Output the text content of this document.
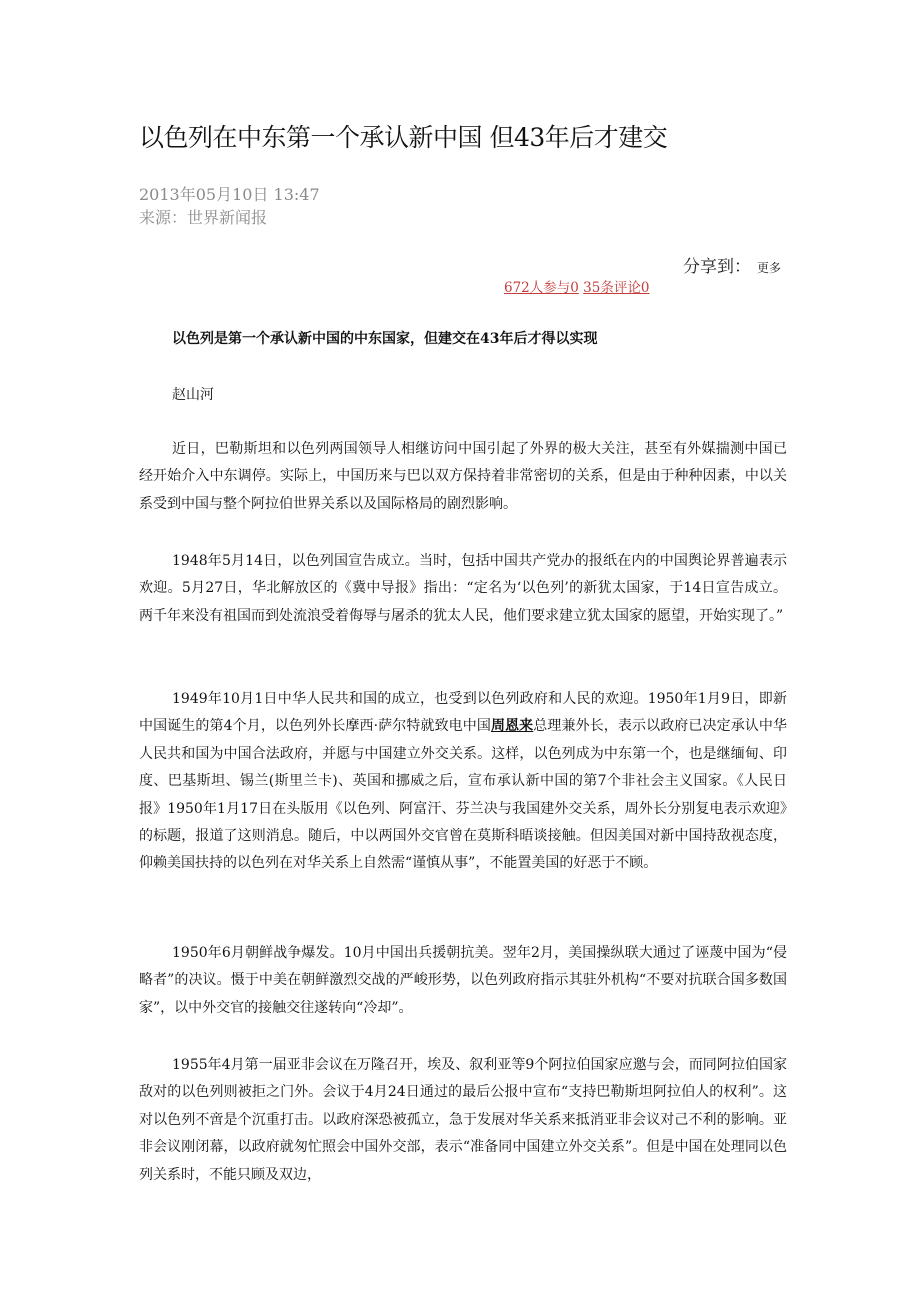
以色列在中东第一个承认新中国 但43年后才建交
2013年05月10日 13:47
来源：世界新闻报
分享到： 更多
672人参与0 35条评论0
以色列是第一个承认新中国的中东国家，但建交在43年后才得以实现
赵山河

近日，巴勒斯坦和以色列两国领导人相继访问中国引起了外界的极大关注，甚至有外媒揣测中国已经开始介入中东调停。实际上，中国历来与巴以双方保持着非常密切的关系，但是由于种种因素，中以关系受到中国与整个阿拉伯世界关系以及国际格局的剧烈影响。

1948年5月14日，以色列国宣告成立。当时，包括中国共产党办的报纸在内的中国舆论界普遍表示欢迎。5月27日，华北解放区的《冀中导报》指出：“定名为‘以色列’的新犹太国家，于14日宣告成立。两千年来没有祖国而到处流浪受着侮辱与屠杀的犹太人民，他们要求建立犹太国家的愿望，开始实现了。”

1949年10月1日中华人民共和国的成立，也受到以色列政府和人民的欢迎。1950年1月9日，即新中国诞生的第4个月，以色列外长摩西·萨尔特就致电中国周恩来总理兼外长，表示以政府已决定承认中华人民共和国为中国合法政府，并愿与中国建立外交关系。这样，以色列成为中东第一个，也是继缅甸、印度、巴基斯坦、锡兰(斯里兰卡)、英国和挪威之后，宣布承认新中国的第7个非社会主义国家。《人民日报》1950年1月17日在头版用《以色列、阿富汗、芬兰决与我国建外交关系，周外长分别复电表示欢迎》的标题，报道了这则消息。随后，中以两国外交官曾在莫斯科晤谈接触。但因美国对新中国持敌视态度，仰赖美国扶持的以色列在对华关系上自然需“谨慎从事”，不能置美国的好恶于不顾。

1950年6月朝鲜战争爆发。10月中国出兵援朝抗美。翌年2月，美国操纵联大通过了诬蔑中国为“侵略者”的决议。慑于中美在朝鲜激烈交战的严峻形势，以色列政府指示其驻外机构“不要对抗联合国多数国家”，以中外交官的接触交往遂转向“冷却”。

1955年4月第一届亚非会议在万隆召开，埃及、叙利亚等9个阿拉伯国家应邀与会，而同阿拉伯国家敌对的以色列则被拒之门外。会议于4月24日通过的最后公报中宣布“支持巴勒斯坦阿拉伯人的权利”。这对以色列不啻是个沉重打击。以政府深恐被孤立，急于发展对华关系来抵消亚非会议对己不利的影响。亚非会议刚闭幕，以政府就匆忙照会中国外交部，表示“准备同中国建立外交关系”。但是中国在处理同以色列关系时，不能只顾及双边，
